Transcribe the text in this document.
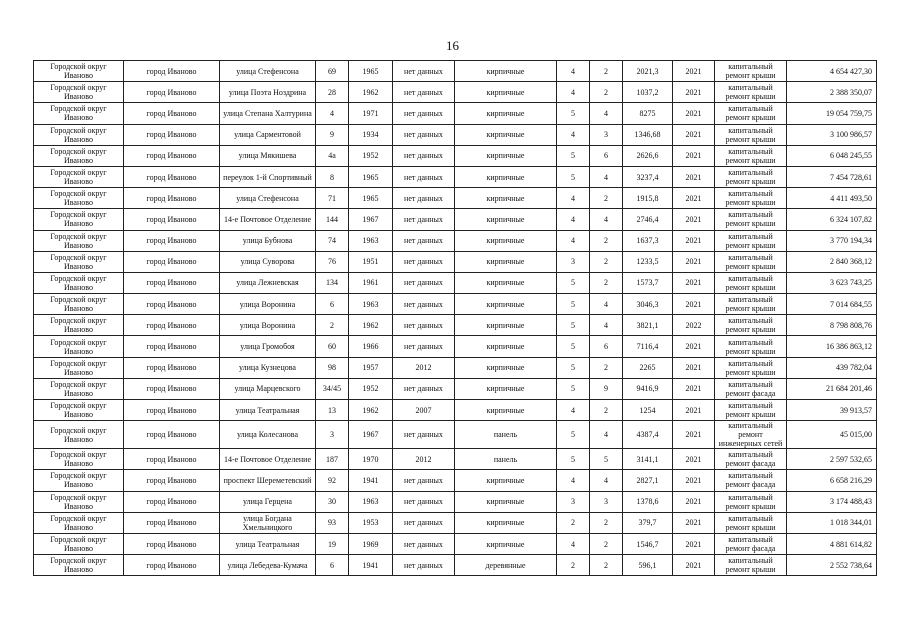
16
Городской округ Иваново	город Иваново	улица Стефенсона	69	1965	нет данных	кирпичные	4	2	2021,3	2021	капитальный ремонт крыши	4 654 427,30
Городской округ Иваново	город Иваново	улица Поэта Ноздрина	28	1962	нет данных	кирпичные	4	2	1037,2	2021	капитальный ремонт крыши	2 388 350,07
Городской округ Иваново	город Иваново	улица Степана Халтурина	4	1971	нет данных	кирпичные	5	4	8275	2021	капитальный ремонт крыши	19 054 759,75
Городской округ Иваново	город Иваново	улица Сарментовой	9	1934	нет данных	кирпичные	4	3	1346,68	2021	капитальный ремонт крыши	3 100 986,57
Городской округ Иваново	город Иваново	улица Мякишева	4а	1952	нет данных	кирпичные	5	6	2626,6	2021	капитальный ремонт крыши	6 048 245,55
Городской округ Иваново	город Иваново	переулок 1-й Спортивный	8	1965	нет данных	кирпичные	5	4	3237,4	2021	капитальный ремонт крыши	7 454 728,61
Городской округ Иваново	город Иваново	улица Стефенсона	71	1965	нет данных	кирпичные	4	2	1915,8	2021	капитальный ремонт крыши	4 411 493,50
Городской округ Иваново	город Иваново	14-е Почтовое Отделение	144	1967	нет данных	кирпичные	4	4	2746,4	2021	капитальный ремонт крыши	6 324 107,82
Городской округ Иваново	город Иваново	улица Бубнова	74	1963	нет данных	кирпичные	4	2	1637,3	2021	капитальный ремонт крыши	3 770 194,34
Городской округ Иваново	город Иваново	улица Суворова	76	1951	нет данных	кирпичные	3	2	1233,5	2021	капитальный ремонт крыши	2 840 368,12
Городской округ Иваново	город Иваново	улица Лежневская	134	1961	нет данных	кирпичные	5	2	1573,7	2021	капитальный ремонт крыши	3 623 743,25
Городской округ Иваново	город Иваново	улица Воронина	6	1963	нет данных	кирпичные	5	4	3046,3	2021	капитальный ремонт крыши	7 014 684,55
Городской округ Иваново	город Иваново	улица Воронина	2	1962	нет данных	кирпичные	5	4	3821,1	2022	капитальный ремонт крыши	8 798 808,76
Городской округ Иваново	город Иваново	улица Громобоя	60	1966	нет данных	кирпичные	5	6	7116,4	2021	капитальный ремонт крыши	16 386 863,12
Городской округ Иваново	город Иваново	улица Кузнецова	98	1957	2012	кирпичные	5	2	2265	2021	капитальный ремонт крыши	439 782,04
Городской округ Иваново	город Иваново	улица Марцевского	34/45	1952	нет данных	кирпичные	5	9	9416,9	2021	капитальный ремонт фасада	21 684 201,46
Городской округ Иваново	город Иваново	улица Театральная	13	1962	2007	кирпичные	4	2	1254	2021	капитальный ремонт крыши	39 913,57
Городской округ Иваново	город Иваново	улица Колесанова	3	1967	нет данных	панель	5	4	4387,4	2021	капитальный ремонт инженерных сетей	45 015,00
Городской округ Иваново	город Иваново	14-е Почтовое Отделение	187	1970	2012	панель	5	5	3141,1	2021	капитальный ремонт фасада	2 597 532,65
Городской округ Иваново	город Иваново	проспект Шереметевский	92	1941	нет данных	кирпичные	4	4	2827,1	2021	капитальный ремонт фасада	6 658 216,29
Городской округ Иваново	город Иваново	улица Герцена	30	1963	нет данных	кирпичные	3	3	1378,6	2021	капитальный ремонт крыши	3 174 488,43
Городской округ Иваново	город Иваново	улица Богдана Хмельницкого	93	1953	нет данных	кирпичные	2	2	379,7	2021	капитальный ремонт крыши	1 018 344,01
Городской округ Иваново	город Иваново	улица Театральная	19	1969	нет данных	кирпичные	4	2	1546,7	2021	капитальный ремонт фасада	4 881 614,82
Городской округ Иваново	город Иваново	улица Лебедева-Кумача	6	1941	нет данных	деревянные	2	2	596,1	2021	капитальный ремонт крыши	2 552 738,64
